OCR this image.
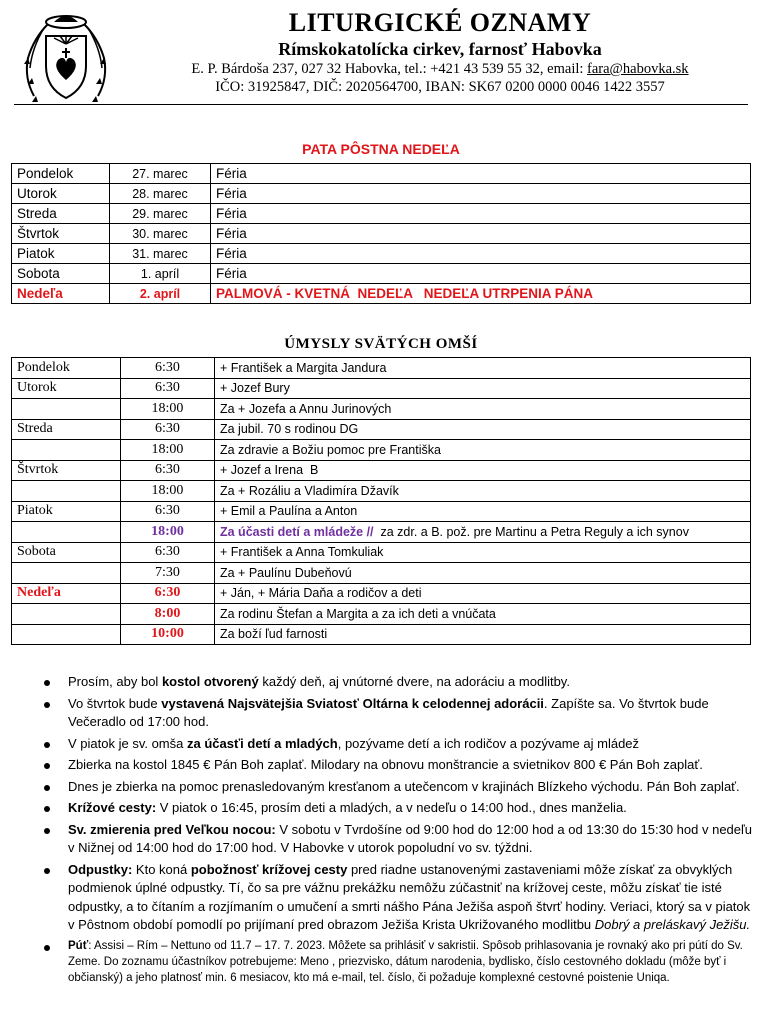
LITURGICKÉ OZNAMY
Rímskokatolícka cirkev, farnosť Habovka
E. P. Bárdoša 237, 027 32 Habovka, tel.: +421 43 539 55 32, email: fara@habovka.sk
IČO: 31925847, DIČ: 2020564700, IBAN: SK67 0200 0000 0046 1422 3557
PATA PÔSTNA NEDEĽA
Pondelok	27. marec	Féria
Utorok	28. marec	Féria
Streda	29. marec	Féria
Štvrtok	30. marec	Féria
Piatok	31. marec	Féria
Sobota	1. apríl	Féria
Nedeľa	2. apríl	PALMOVÁ - KVETNÁ  NEDEĽA   NEDEĽA UTRPENIA PÁNA
ÚMYSLY SVÄTÝCH OMŠÍ
Pondelok	6:30	+ František a Margita Jandura
Utorok	6:30	+ Jozef Bury
	18:00	Za + Jozefa a Annu Jurinových
Streda	6:30	Za jubil. 70 s rodinou DG
	18:00	Za zdravie a Božiu pomoc pre Františka
Štvrtok	6:30	+ Jozef a Irena  B
	18:00	Za + Rozáliu a Vladimíra Džavík
Piatok	6:30	+ Emil a Paulína a Anton
	18:00	Za účasti detí a mládeže //  za zdr. a B. pož. pre Martinu a Petra Reguly a ich synov
Sobota	6:30	+ František a Anna Tomkuliak
	7:30	Za + Paulínu Dubeňovú
Nedeľa	6:30	+ Ján, + Mária Daňa a rodičov a deti
	8:00	Za rodinu Štefan a Margita a za ich deti a vnúčata
	10:00	Za boží ľud farnosti
Prosím, aby bol kostol otvorený každý deň, aj vnútorné dvere, na adoráciu a modlitby.
Vo štvrtok bude vystavená Najsvätejšia Sviatosť Oltárna k celodennej adorácii. Zapíšte sa. Vo štvrtok bude Večeradlo od 17:00 hod.
V piatok je sv. omša za účasťi detí a mladých, pozývame detí a ich rodičov a pozývame aj mládež
Zbierka na kostol 1845 € Pán Boh zaplať. Milodary na obnovu monštrancie a svietnikov 800 € Pán Boh zaplať.
Dnes je zbierka na pomoc prenasledovaným kresťanom a utečencom v krajinách Blízkeho východu. Pán Boh zaplať.
Krížové cesty: V piatok o 16:45, prosím deti a mladých, a v nedeľu o 14:00 hod., dnes manželia.
Sv. zmierenia pred Veľkou nocou: V sobotu v Tvrdošíne od 9:00 hod do 12:00 hod a od 13:30 do 15:30 hod v nedeľu v Nižnej od 14:00 hod do 17:00 hod. V Habovke v utorok popoludní vo sv. týždni.
Odpustky: Kto koná pobožnosť krížovej cesty pred riadne ustanovenými zastaveniami môže získať za obvyklých podmienok úplné odpustky. Tí, čo sa pre vážnu prekážku nemôžu zúčastniť na krížovej ceste, môžu získať tie isté odpustky, a to čítaním a rozjímaním o umučení a smrti nášho Pána Ježiša aspoň štvrť hodiny. Veriaci, ktorý sa v piatok v Pôstnom období pomodlí po prijímaní pred obrazom Ježiša Krista Ukrižovaného modlitbu Dobrý a preláskavý Ježišu.
Púť: Assisi – Rím – Nettuno od 11.7 – 17. 7. 2023. Môžete sa prihlásiť v sakristii. Spôsob prihlasovania je rovnaký ako pri pútí do Sv. Zeme. Do zoznamu účastníkov potrebujeme: Meno , priezvisko, dátum narodenia, bydlisko, číslo cestovného dokladu (môže byť i občianský) a jeho platnosť min. 6 mesiacov, kto má e-mail, tel. číslo, či požaduje komplexné cestovné poistenie Uniqa.
